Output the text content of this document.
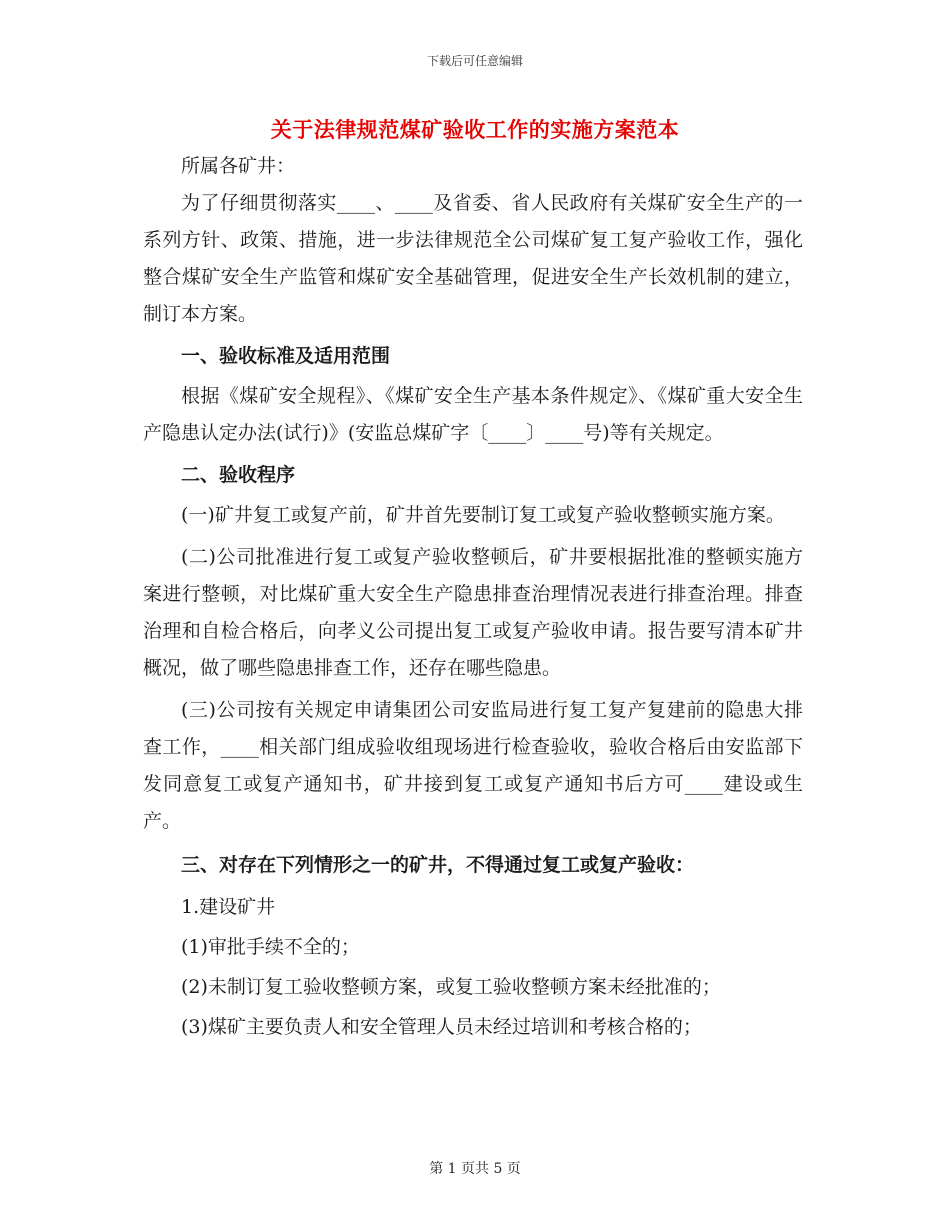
下载后可任意编辑
关于法律规范煤矿验收工作的实施方案范本

所属各矿井：

为了仔细贯彻落实____、____及省委、省人民政府有关煤矿安全生产的一系列方针、政策、措施，进一步法律规范全公司煤矿复工复产验收工作，强化整合煤矿安全生产监管和煤矿安全基础管理，促进安全生产长效机制的建立，制订本方案。

一、验收标准及适用范围

根据《煤矿安全规程》、《煤矿安全生产基本条件规定》、《煤矿重大安全生产隐患认定办法(试行)》(安监总煤矿字〔____〕____号)等有关规定。

二、验收程序

(一)矿井复工或复产前，矿井首先要制订复工或复产验收整顿实施方案。

(二)公司批准进行复工或复产验收整顿后，矿井要根据批准的整顿实施方案进行整顿，对比煤矿重大安全生产隐患排查治理情况表进行排查治理。排查治理和自检合格后，向孝义公司提出复工或复产验收申请。报告要写清本矿井概况，做了哪些隐患排查工作，还存在哪些隐患。

(三)公司按有关规定申请集团公司安监局进行复工复产复建前的隐患大排查工作，____相关部门组成验收组现场进行检查验收，验收合格后由安监部下发同意复工或复产通知书，矿井接到复工或复产通知书后方可____建设或生产。

三、对存在下列情形之一的矿井，不得通过复工或复产验收：

1.建设矿井

(1)审批手续不全的；

(2)未制订复工验收整顿方案，或复工验收整顿方案未经批准的；

(3)煤矿主要负责人和安全管理人员未经过培训和考核合格的；

第 1 页共 5 页
